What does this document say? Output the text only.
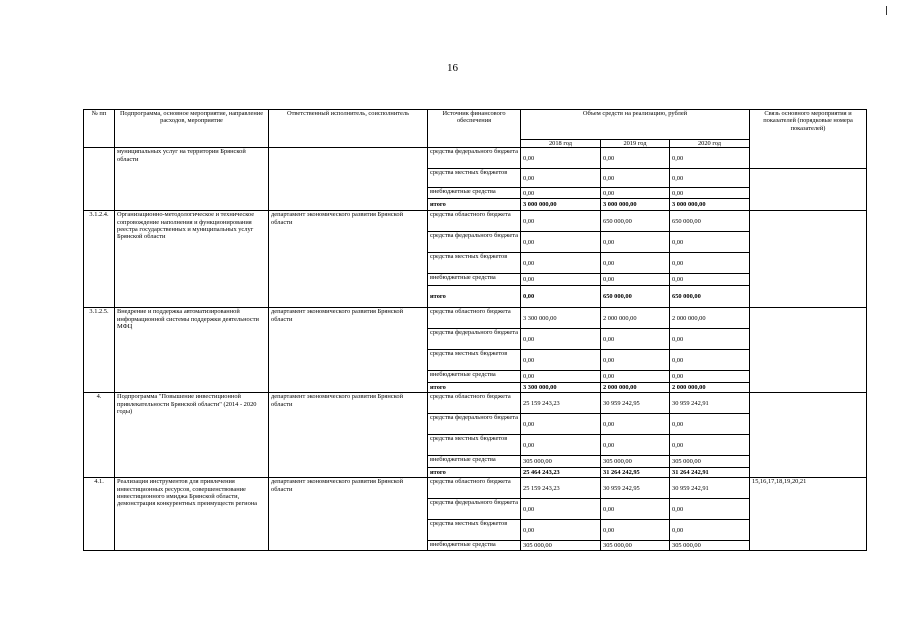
16
№ пп	Подпрограмма, основное мероприятие, направление расходов, мероприятие	Ответственный исполнитель, соисполнитель	Источник финансового обеспечения	Объем средств на реализацию, рублей			Связь основного мероприятия и показателей (порядковые номера показателей)	
				2018 год	2019 год	2020 год		
	муниципальных услуг на территории Брянской области		средства федерального бюджета	0,00	0,00	0,00		
			средства местных бюджетов	0,00	0,00	0,00		
			внебюджетные средства	0,00	0,00	0,00		
			итого	3 000 000,00	3 000 000,00	3 000 000,00		
3.1.2.4.	Организационно-методологическое и техническое сопровождение наполнения и функционирования реестра государственных и муниципальных услуг Брянской области	департамент экономического развития Брянской области	средства областного бюджета	0,00	650 000,00	650 000,00		
			средства федерального бюджета	0,00	0,00	0,00		
			средства местных бюджетов	0,00	0,00	0,00		
			внебюджетные средства	0,00	0,00	0,00		
			итого	0,00	650 000,00	650 000,00		
3.1.2.5.	Внедрение и поддержка автоматизированной информационной системы поддержки деятельности МФЦ	департамент экономического развития Брянской области	средства областного бюджета	3 300 000,00	2 000 000,00	2 000 000,00		
			средства федерального бюджета	0,00	0,00	0,00		
			средства местных бюджетов	0,00	0,00	0,00		
			внебюджетные средства	0,00	0,00	0,00		
			итого	3 300 000,00	2 000 000,00	2 000 000,00		
4.	Подпрограмма "Повышение инвестиционной привлекательности Брянской области" (2014 - 2020 годы)	департамент экономического развития Брянской области	средства областного бюджета	25 159 243,23	30 959 242,95	30 959 242,91		
			средства федерального бюджета	0,00	0,00	0,00		
			средства местных бюджетов	0,00	0,00	0,00		
			внебюджетные средства	305 000,00	305 000,00	305 000,00		
			итого	25 464 243,23	31 264 242,95	31 264 242,91		
4.1.	Реализация инструментов для привлечения инвестиционных ресурсов, совершенствование инвестиционного имиджа Брянской области, демонстрация конкурентных преимуществ региона	департамент экономического развития Брянской области	средства областного бюджета	25 159 243,23	30 959 242,95	30 959 242,91	15,16,17,18,19,20,21	
			средства федерального бюджета	0,00	0,00	0,00		
			средства местных бюджетов	0,00	0,00	0,00		
			внебюджетные средства	305 000,00	305 000,00	305 000,00		
